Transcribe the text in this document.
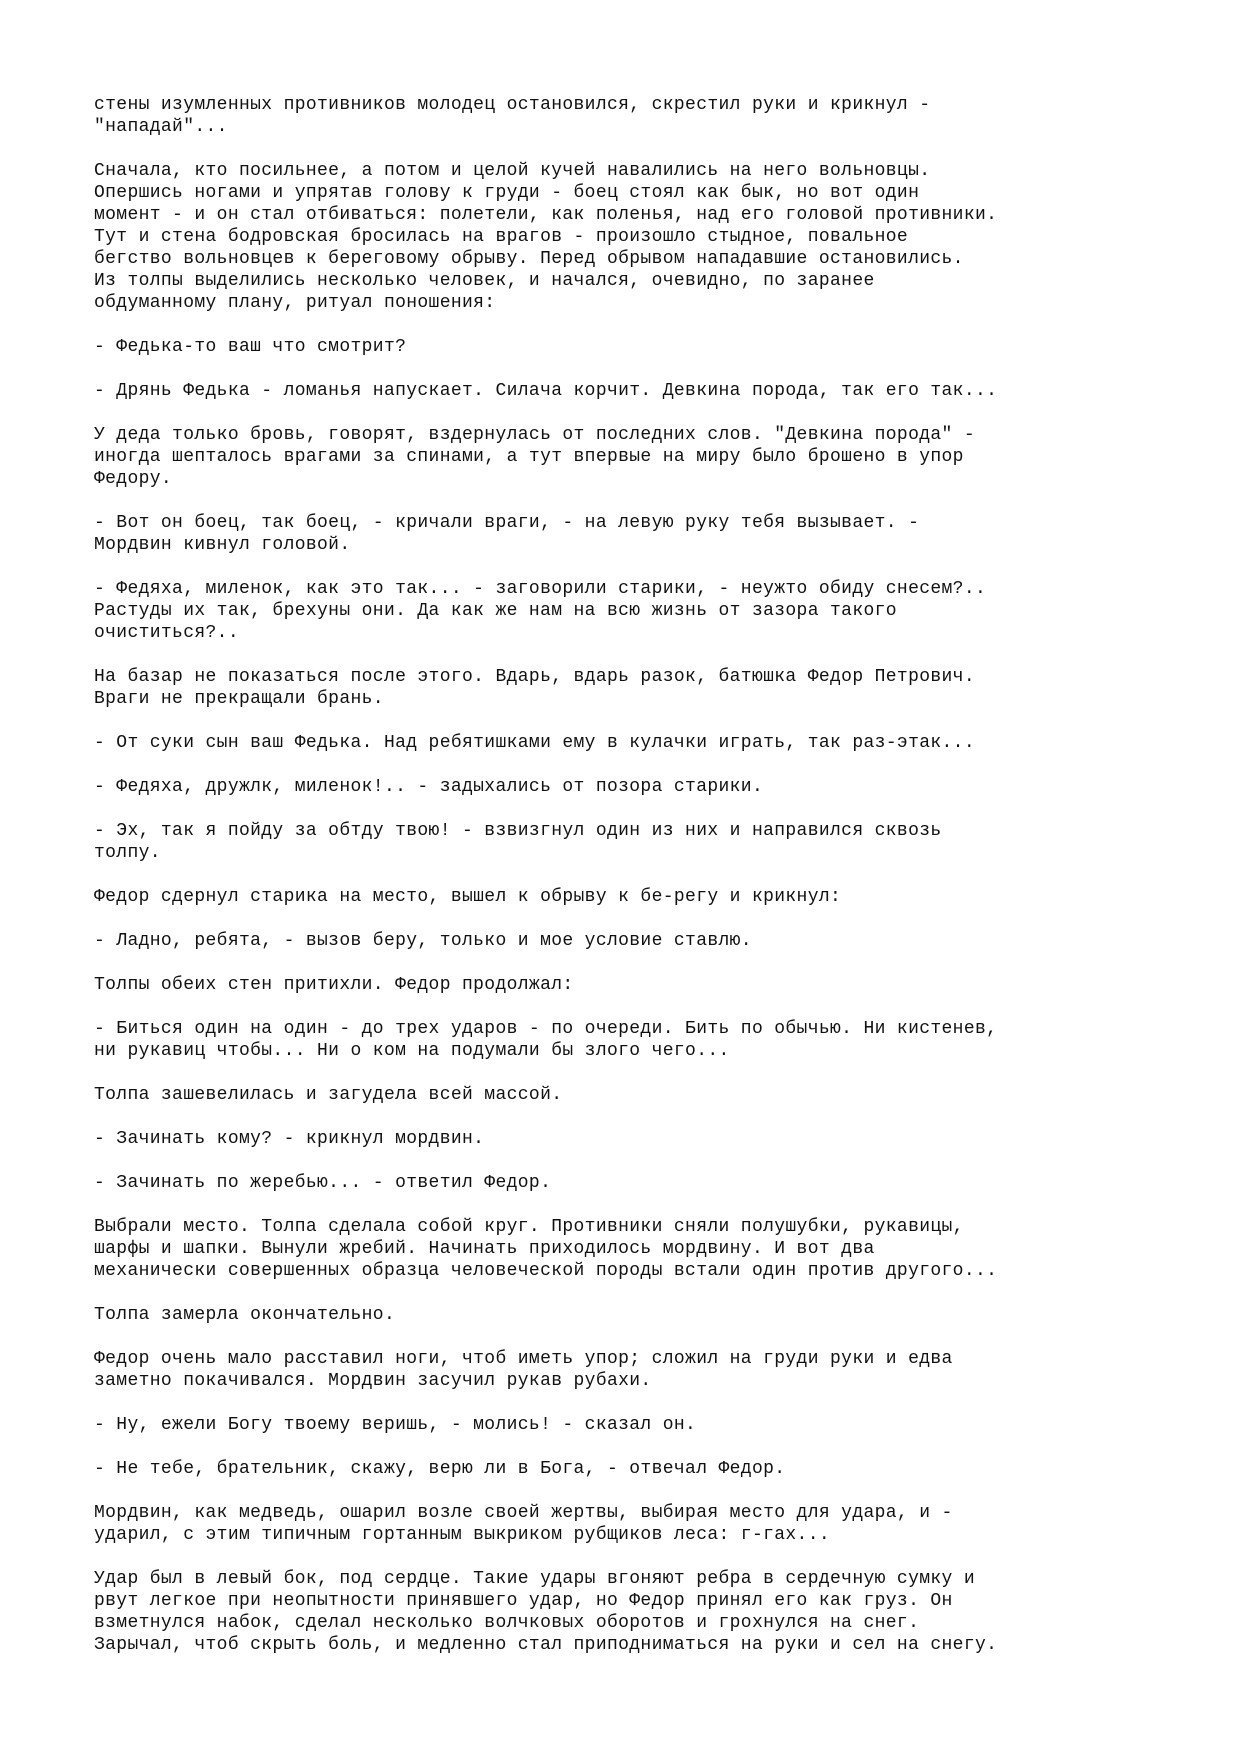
стены изумленных противников молодец остановился, скрестил руки и крикнул -
"нападай"...

Сначала, кто посильнее, а потом и целой кучей навалились на него вольновцы.
Опершись ногами и упрятав голову к груди - боец стоял как бык, но вот один
момент - и он стал отбиваться: полетели, как поленья, над его головой противники.
Тут и стена бодровская бросилась на врагов - произошло стыдное, повальное
бегство вольновцев к береговому обрыву. Перед обрывом нападавшие остановились.
Из толпы выделились несколько человек, и начался, очевидно, по заранее
обдуманному плану, ритуал поношения:

- Федька-то ваш что смотрит?

- Дрянь Федька - ломанья напускает. Силача корчит. Девкина порода, так его так...

У деда только бровь, говорят, вздернулась от последних слов. "Девкина порода" -
иногда шепталось врагами за спинами, а тут впервые на миру было брошено в упор
Федору.

- Вот он боец, так боец, - кричали враги, - на левую руку тебя вызывает. -
Мордвин кивнул головой.

- Федяха, миленок, как это так... - заговорили старики, - неужто обиду снесем?..
Растуды их так, брехуны они. Да как же нам на всю жизнь от зазора такого
очиститься?..

На базар не показаться после этого. Вдарь, вдарь разок, батюшка Федор Петрович.
Враги не прекращали брань.

- От суки сын ваш Федька. Над ребятишками ему в кулачки играть, так раз-этак...

- Федяха, дружлк, миленок!.. - задыхались от позора старики.

- Эх, так я пойду за обтду твою! - взвизгнул один из них и направился сквозь
толпу.

Федор сдернул старика на место, вышел к обрыву к бе-регу и крикнул:

- Ладно, ребята, - вызов беру, только и мое условие ставлю.

Толпы обеих стен притихли. Федор продолжал:

- Биться один на один - до трех ударов - по очереди. Бить по обычью. Ни кистенев,
ни рукавиц чтобы... Ни о ком на подумали бы злого чего...

Толпа зашевелилась и загудела всей массой.

- Зачинать кому? - крикнул мордвин.

- Зачинать по жеребью... - ответил Федор.

Выбрали место. Толпа сделала собой круг. Противники сняли полушубки, рукавицы,
шарфы и шапки. Вынули жребий. Начинать приходилось мордвину. И вот два
механически совершенных образца человеческой породы встали один против другого...

Толпа замерла окончательно.

Федор очень мало расставил ноги, чтоб иметь упор; сложил на груди руки и едва
заметно покачивался. Мордвин засучил рукав рубахи.

- Ну, ежели Богу твоему веришь, - молись! - сказал он.

- Не тебе, брательник, скажу, верю ли в Бога, - отвечал Федор.

Мордвин, как медведь, ошарил возле своей жертвы, выбирая место для удара, и -
ударил, с этим типичным гортанным выкриком рубщиков леса: г-гах...

Удар был в левый бок, под сердце. Такие удары вгоняют ребра в сердечную сумку и
рвут легкое при неопытности принявшего удар, но Федор принял его как груз. Он
взметнулся набок, сделал несколько волчковых оборотов и грохнулся на снег.
Зарычал, чтоб скрыть боль, и медленно стал приподниматься на руки и сел на снегу.
